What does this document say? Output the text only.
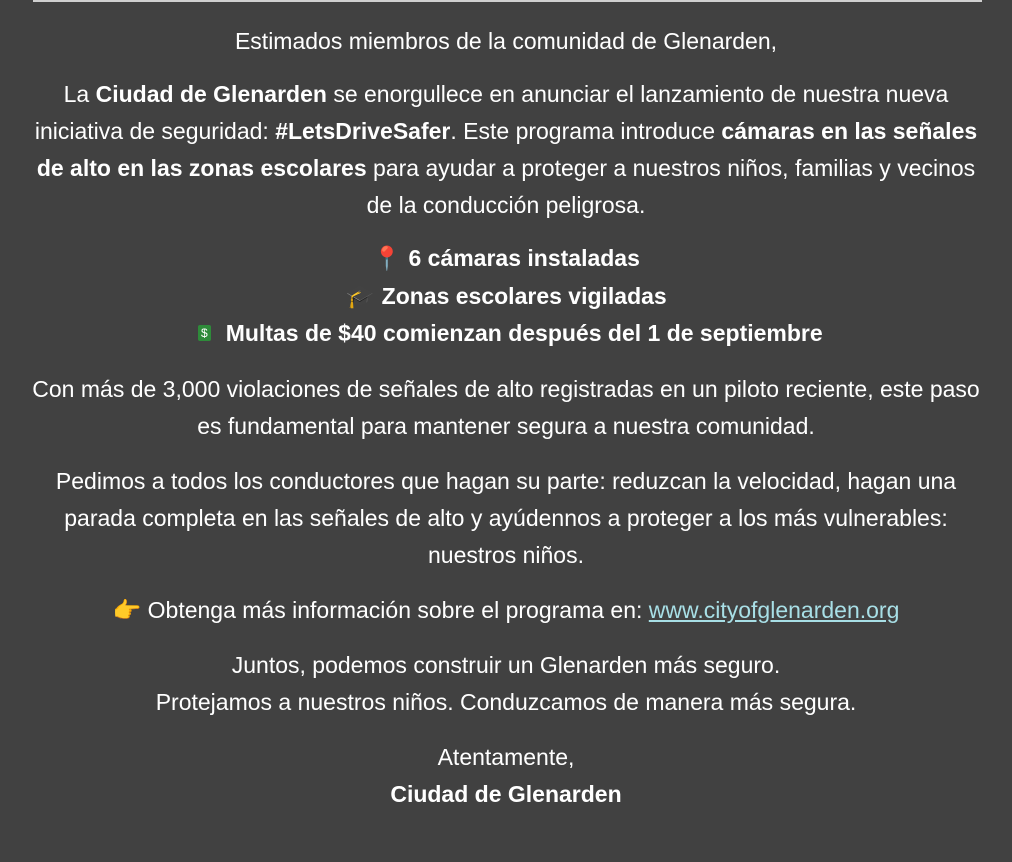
Estimados miembros de la comunidad de Glenarden,

La Ciudad de Glenarden se enorgullece en anunciar el lanzamiento de nuestra nueva iniciativa de seguridad: #LetsDriveSafer. Este programa introduce cámaras en las señales de alto en las zonas escolares para ayudar a proteger a nuestros niños, familias y vecinos de la conducción peligrosa.

📍 6 cámaras instaladas
🎓 Zonas escolares vigiladas
$ Multas de $40 comienzan después del 1 de septiembre

Con más de 3,000 violaciones de señales de alto registradas en un piloto reciente, este paso es fundamental para mantener segura a nuestra comunidad.

Pedimos a todos los conductores que hagan su parte: reduzcan la velocidad, hagan una parada completa en las señales de alto y ayúdennos a proteger a los más vulnerables: nuestros niños.

👉 Obtenga más información sobre el programa en: www.cityofglenarden.org

Juntos, podemos construir un Glenarden más seguro.
Protejamos a nuestros niños. Conduzcamos de manera más segura.

Atentamente,
Ciudad de Glenarden
